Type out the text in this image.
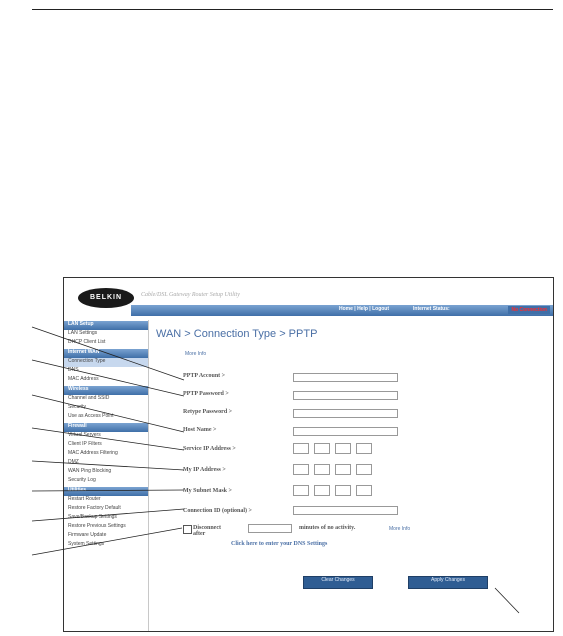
BELKIN	Cable/DSL Gateway Router Setup Utility
Home | Help | Logout	Internet Status:	No Connection
LAN Setup
LAN Settings
DHCP Client List
Internet WAN
Connection Type
DNS
MAC Address
Wireless
Channel and SSID
Security
Use as Access Point
Firewall
Virtual Servers
Client IP Filters
MAC Address Filtering
DMZ
WAN Ping Blocking
Security Log
Utilities
Restart Router
Restore Factory Default
Save/Backup Settings
Restore Previous Settings
Firmware Update
System Settings
WAN > Connection Type > PPTP
More Info
PPTP Account >
PPTP Password >
Retype Password >
Host Name >
Service IP Address >
My IP Address >
My Subnet Mask >
Connection ID (optional) >
Disconnect after
minutes of no activity.	More Info
Click here to enter your DNS Settings
Clear Changes	Apply Changes
